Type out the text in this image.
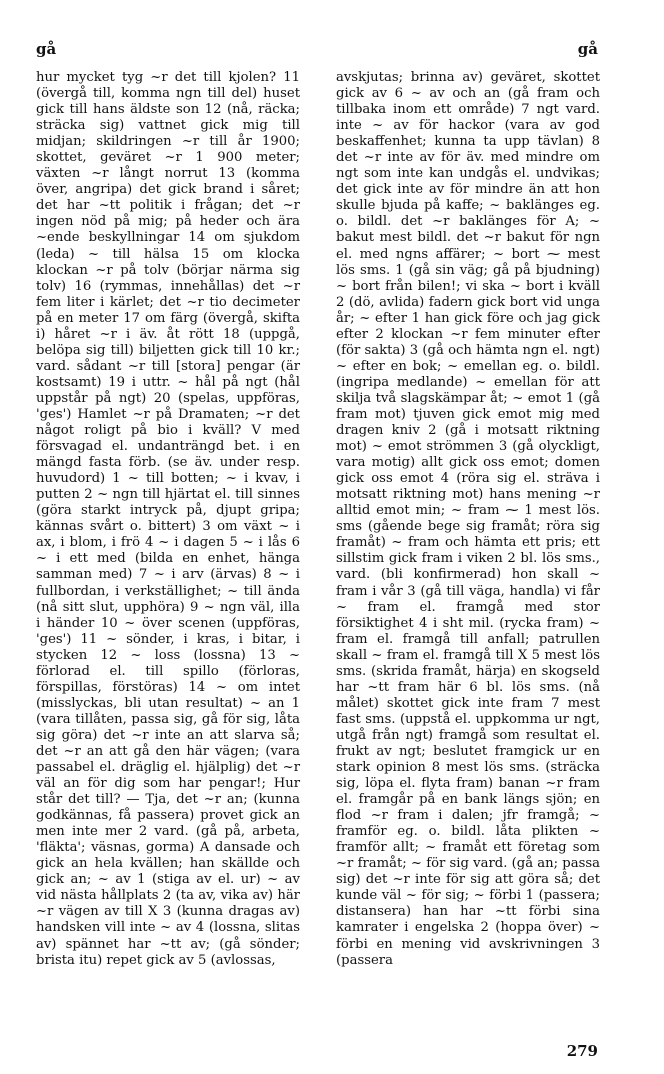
gå	gå

hur mycket tyg ~r det till kjolen? 11 (övergå till, komma ngn till del) huset gick till hans äldste son 12 (nå, räcka; sträcka sig) vattnet gick mig till midjan; skildringen ~r till år 1900; skottet, geväret ~r 1 900 meter; växten ~r långt norrut 13 (komma över, angripa) det gick brand i såret; det har ~tt politik i frågan; det ~r ingen nöd på mig; på heder och ära ~ende beskyllningar 14 om sjukdom (leda) ~ till hälsa 15 om klocka klockan ~r på tolv (börjar närma sig tolv) 16 (rymmas, innehållas) det ~r fem liter i kärlet; det ~r tio decimeter på en meter 17 om färg (övergå, skifta i) håret ~r i äv. åt rött 18 (uppgå, belöpa sig till) biljetten gick till 10 kr.; vard. sådant ~r till [stora] pengar (är kostsamt) 19 i uttr. ~ hål på ngt (hål uppstår på ngt) 20 (spelas, uppföras, 'ges') Hamlet ~r på Dramaten; ~r det något roligt på bio i kväll? V med försvagad el. undanträngd bet. i en mängd fasta förb. (se äv. under resp. huvudord) 1 ~ till botten; ~ i kvav, i putten 2 ~ ngn till hjärtat el. till sinnes (göra starkt intryck på, djupt gripa; kännas svårt o. bittert) 3 om växt ~ i ax, i blom, i frö 4 ~ i dagen 5 ~ i lås 6 ~ i ett med (bilda en enhet, hänga samman med) 7 ~ i arv (ärvas) 8 ~ i fullbordan, i verkställighet; ~ till ända (nå sitt slut, upphöra) 9 ~ ngn väl, illa i händer 10 ~ över scenen (uppföras, 'ges') 11 ~ sönder, i kras, i bitar, i stycken 12 ~ loss (lossna) 13 ~ förlorad el. till spillo (förloras, förspillas, förstöras) 14 ~ om intet (misslyckas, bli utan resultat) ~ an 1 (vara tillåten, passa sig, gå för sig, låta sig göra) det ~r inte an att slarva så; det ~r an att gå den här vägen; (vara passabel el. dräglig el. hjälplig) det ~r väl an för dig som har pengar!; Hur står det till? — Tja, det ~r an; (kunna godkännas, få passera) provet gick an men inte mer 2 vard. (gå på, arbeta, 'fläkta'; väsnas, gorma) A dansade och gick an hela kvällen; han skällde och gick an; ~ av 1 (stiga av el. ur) ~ av vid nästa hållplats 2 (ta av, vika av) här ~r vägen av till X 3 (kunna dragas av) handsken vill inte ~ av 4 (lossna, slitas av) spännet har ~tt av; (gå sönder; brista itu) repet gick av 5 (avlossas,

avskjutas; brinna av) geväret, skottet gick av 6 ~ av och an (gå fram och tillbaka inom ett område) 7 ngt vard. inte ~ av för hackor (vara av god beskaffenhet; kunna ta upp tävlan) 8 det ~r inte av för äv. med mindre om ngt som inte kan undgås el. undvikas; det gick inte av för mindre än att hon skulle bjuda på kaffe; ~ baklänges eg. o. bildl. det ~r baklänges för A; ~ bakut mest bildl. det ~r bakut för ngn el. med ngns affärer; ~ bort ⁓ mest lös sms. 1 (gå sin väg; gå på bjudning) ~ bort från bilen!; vi ska ~ bort i kväll 2 (dö, avlida) fadern gick bort vid unga år; ~ efter 1 han gick före och jag gick efter 2 klockan ~r fem minuter efter (för sakta) 3 (gå och hämta ngn el. ngt) ~ efter en bok; ~ emellan eg. o. bildl. (ingripa medlande) ~ emellan för att skilja två slagskämpar åt; ~ emot 1 (gå fram mot) tjuven gick emot mig med dragen kniv 2 (gå i motsatt riktning mot) ~ emot strömmen 3 (gå olyckligt, vara motig) allt gick oss emot; domen gick oss emot 4 (röra sig el. sträva i motsatt riktning mot) hans mening ~r alltid emot min; ~ fram ⁓ 1 mest lös. sms (gående bege sig framåt; röra sig framåt) ~ fram och hämta ett pris; ett sillstim gick fram i viken 2 bl. lös sms., vard. (bli konfirmerad) hon skall ~ fram i vår 3 (gå till väga, handla) vi får ~ fram el. framgå med stor försiktighet 4 i sht mil. (rycka fram) ~ fram el. framgå till anfall; patrullen skall ~ fram el. framgå till X 5 mest lös sms. (skrida framåt, härja) en skogseld har ~tt fram här 6 bl. lös sms. (nå målet) skottet gick inte fram 7 mest fast sms. (uppstå el. uppkomma ur ngt, utgå från ngt) framgå som resultat el. frukt av ngt; beslutet framgick ur en stark opinion 8 mest lös sms. (sträcka sig, löpa el. flyta fram) banan ~r fram el. framgår på en bank längs sjön; en flod ~r fram i dalen; jfr framgå; ~ framför eg. o. bildl. låta plikten ~ framför allt; ~ framåt ett företag som ~r framåt; ~ för sig vard. (gå an; passa sig) det ~r inte för sig att göra så; det kunde väl ~ för sig; ~ förbi 1 (passera; distansera) han har ~tt förbi sina kamrater i engelska 2 (hoppa över) ~ förbi en mening vid avskrivningen 3 (passera

279
